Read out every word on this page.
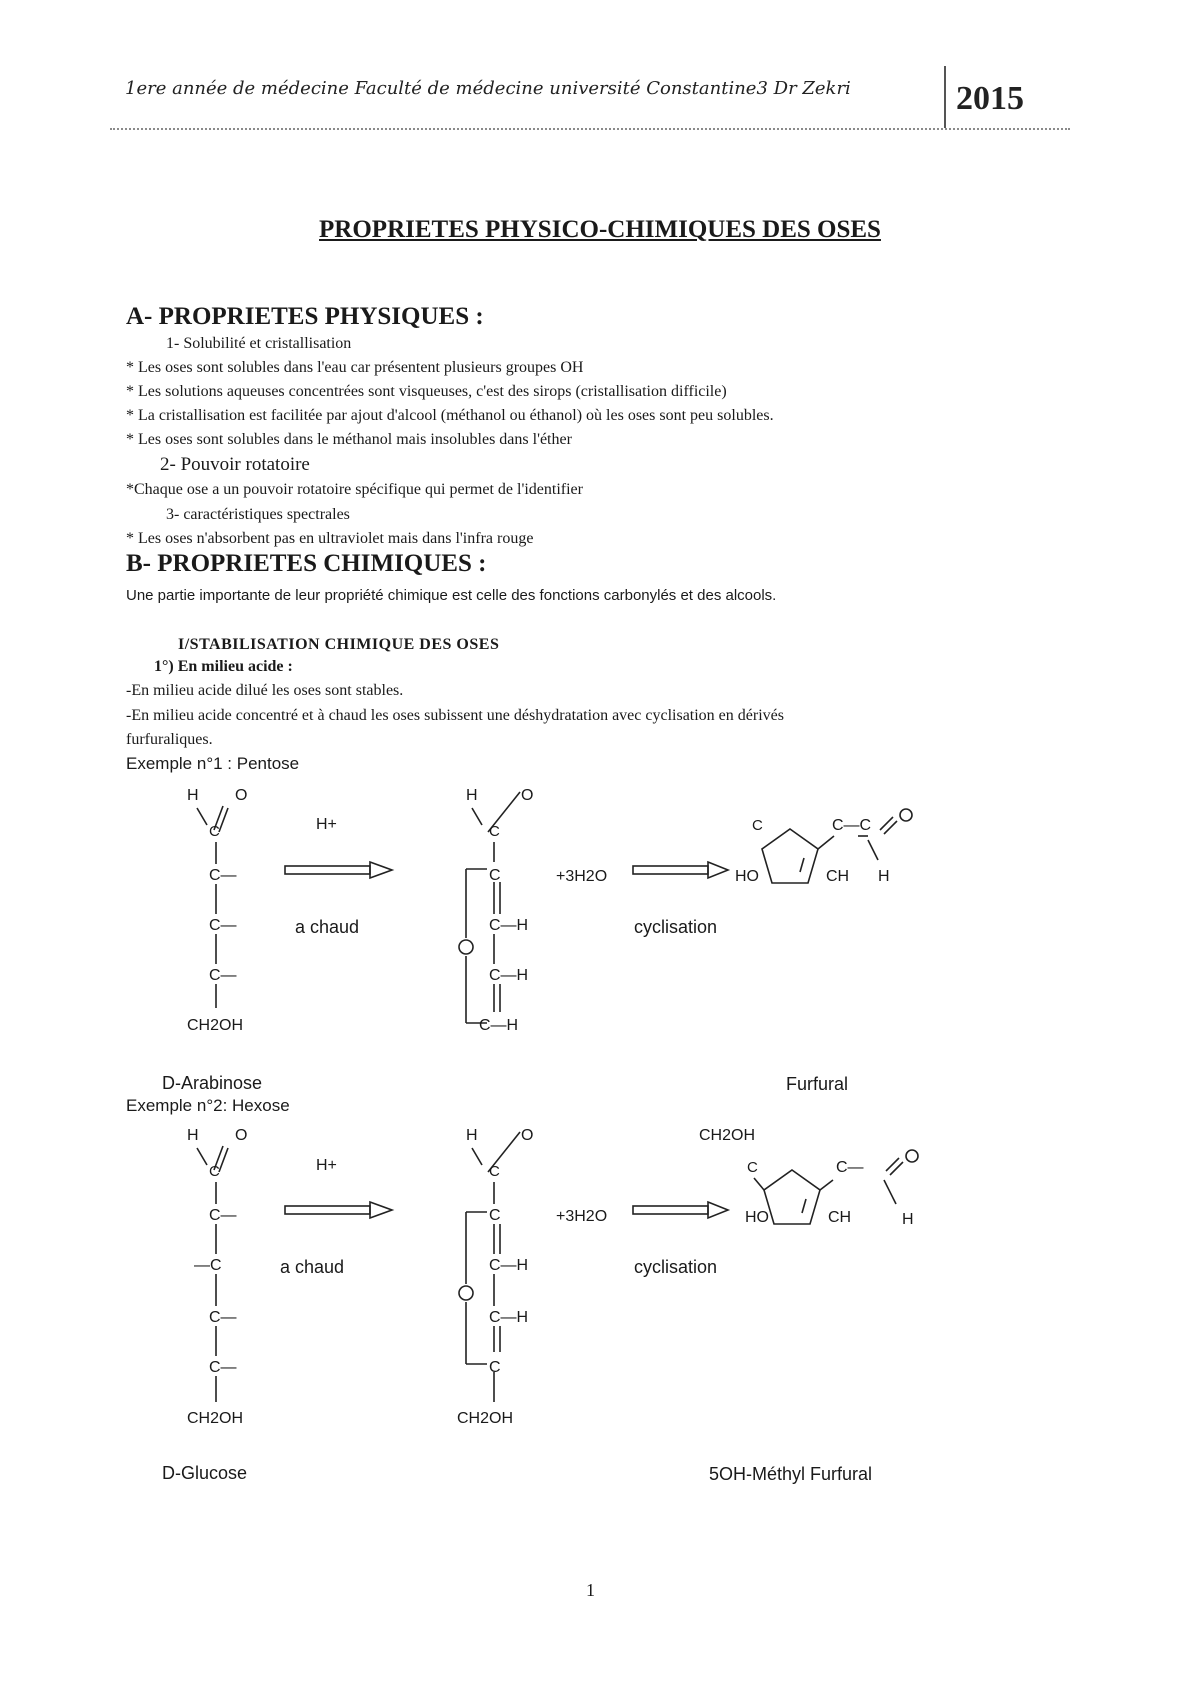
1ere année de médecine Faculté de médecine université Constantine3 Dr Zekri	2015
PROPRIETES PHYSICO-CHIMIQUES DES OSES
A- PROPRIETES PHYSIQUES :
1- Solubilité et cristallisation
* Les oses sont solubles dans l'eau car présentent plusieurs groupes OH
* Les solutions aqueuses concentrées sont visqueuses, c'est des sirops (cristallisation difficile)
* La cristallisation est facilitée par ajout d'alcool (méthanol ou éthanol) où les oses sont peu solubles.
* Les oses sont solubles dans le méthanol mais insolubles dans l'éther
2- Pouvoir rotatoire
*Chaque ose a un pouvoir rotatoire spécifique qui permet de l'identifier
3- caractéristiques spectrales
* Les oses n'absorbent pas en ultraviolet mais dans l'infra rouge
B- PROPRIETES CHIMIQUES :
Une partie importante de leur propriété chimique est celle des fonctions carbonylés et des alcools.
I/STABILISATION CHIMIQUE DES OSES
1°) En milieu acide :
-En milieu acide dilué les oses sont stables.
-En milieu acide concentré et à chaud les oses subissent une déshydratation avec cyclisation en dérivés
furfuraliques.
Exemple n°1 : Pentose
H O
C
C—
C—
C—
CH2OH
H+
a chaud
H	O
C
C
C—H
C—H
C—H
+3H2O
cyclisation
C	C—C
HO	CH H
D-Arabinose	Furfural
H O
C
C—
—C
C—
C—
CH2OH
H+
a chaud
H	O
C
C
C—H
C—H
C
CH2OH
+3H2O
cyclisation
CH2OH
C	C—
HO	CH	H
D-Glucose	5OH-Méthyl Furfural
Exemple n°2: Hexose
1
